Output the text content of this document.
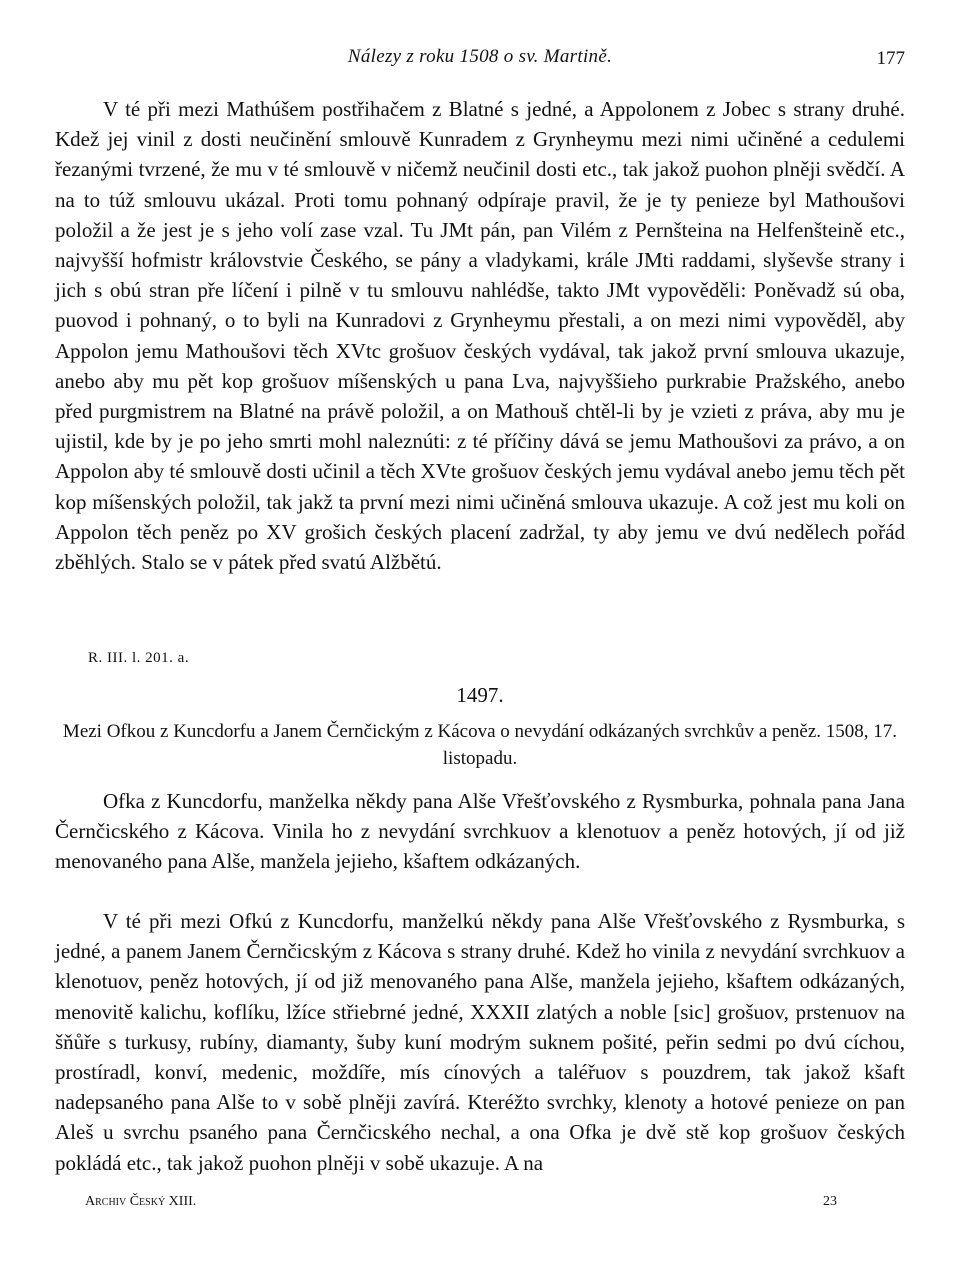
Nálezy z roku 1508 o sv. Martině.	177

V té při mezi Mathúšem postřihačem z Blatné s jedné, a Appolonem z Jobec s strany druhé. Kdež jej vinil z dosti neučinění smlouvě Kunradem z Grynheymu mezi nimi učiněné a cedulemi řezanými tvrzené, že mu v té smlouvě v ničemž neučinil dosti etc., tak jakož puohon plněji svědčí. A na to túž smlouvu ukázal. Proti tomu pohnaný odpíraje pravil, že je ty penieze byl Mathoušovi položil a že jest je s jeho volí zase vzal. Tu JMt pán, pan Vilém z Pernšteina na Helfenšteině etc., najvyšší hofmistr královstvie Českého, se pány a vladykami, krále JMti raddami, slyševše strany i jich s obú stran pře líčení i pilně v tu smlouvu nahlédše, takto JMt vypověděli: Poněvadž sú oba, puovod i pohnaný, o to byli na Kunradovi z Grynheymu přestali, a on mezi nimi vypověděl, aby Appolon jemu Mathoušovi těch XVtc grošuov českých vydával, tak jakož první smlouva ukazuje, anebo aby mu pět kop grošuov míšenských u pana Lva, najvyššieho purkrabie Pražského, anebo před purgmistrem na Blatné na právě položil, a on Mathouš chtěl-li by je vzieti z práva, aby mu je ujistil, kde by je po jeho smrti mohl naleznúti: z té příčiny dává se jemu Mathoušovi za právo, a on Appolon aby té smlouvě dosti učinil a těch XVte grošuov českých jemu vydával anebo jemu těch pět kop míšenských položil, tak jakž ta první mezi nimi učiněná smlouva ukazuje. A což jest mu koli on Appolon těch peněz po XV grošich českých placení zadržal, ty aby jemu ve dvú nedělech pořád zběhlých. Stalo se v pátek před svatú Alžbětú.

R. III. l. 201. a.
1497.
Mezi Ofkou z Kuncdorfu a Janem Černčickým z Kácova o nevydání odkázaných svrchkův a peněz. 1508, 17. listopadu.

Ofka z Kuncdorfu, manželka někdy pana Alše Vřešťovského z Rysmburka, pohnala pana Jana Černčicského z Kácova. Vinila ho z nevydání svrchkuov a klenotuov a peněz hotových, jí od již menovaného pana Alše, manžela jejieho, kšaftem odkázaných.

V té při mezi Ofkú z Kuncdorfu, manželkú někdy pana Alše Vřešťovského z Rysmburka, s jedné, a panem Janem Černčicským z Kácova s strany druhé. Kdež ho vinila z nevydání svrchkuov a klenotuov, peněz hotových, jí od již menovaného pana Alše, manžela jejieho, kšaftem odkázaných, menovitě kalichu, koflíku, lžíce střiebrné jedné, XXXII zlatých a noble [sic] grošuov, prstenuov na šňůře s turkusy, rubíny, diamanty, šuby kuní modrým suknem pošité, peřin sedmi po dvú cíchou, prostíradl, konví, medenic, moždíře, mís cínových a taléřuov s pouzdrem, tak jakož kšaft nadepsaného pana Alše to v sobě plněji zavírá. Kteréžto svrchky, klenoty a hotové penieze on pan Aleš u svrchu psaného pana Černčicského nechal, a ona Ofka je dvě stě kop grošuov českých pokládá etc., tak jakož puohon plněji v sobě ukazuje. A na

Archiv Český XIII.	23
